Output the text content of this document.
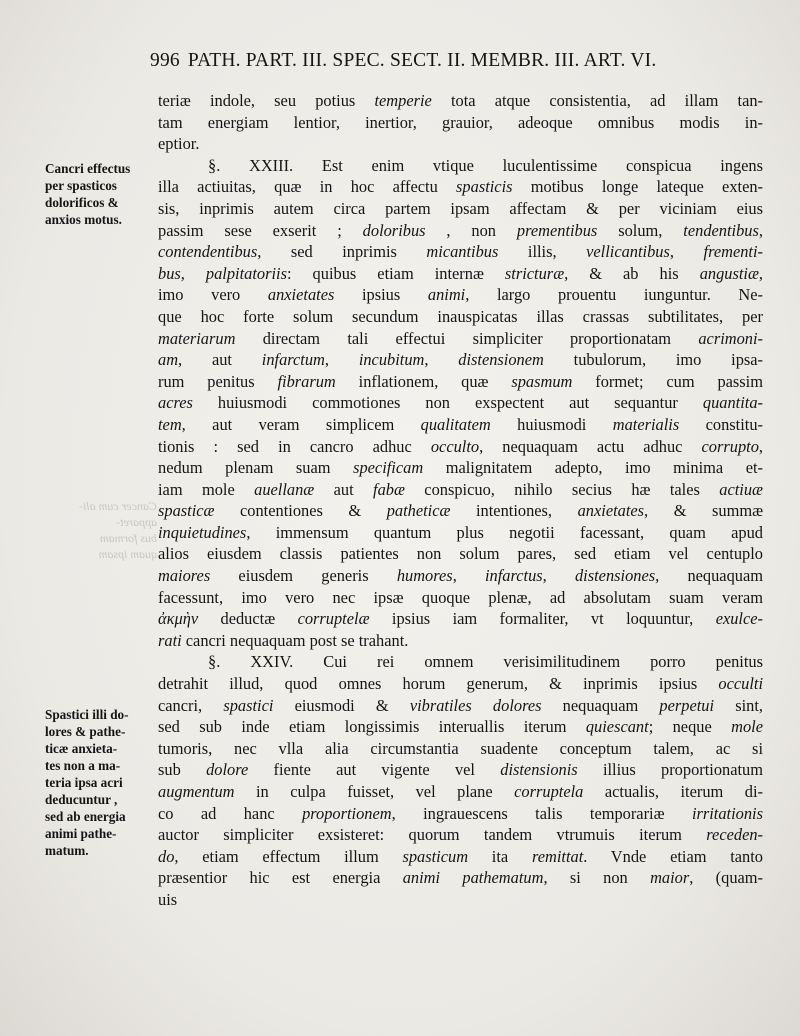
996 PATH. PART. III. SPEC. SECT. II. MEMBR. III. ART. VI.
Cancri effectus
per spasticos
dolorificos &
anxios motus.
Spastici illi do-
lores & pathe-
ticæ anxieta-
tes non a ma-
teria ipsa acri
deducuntur ,
sed ab energia
animi pathe-
matum.
Cancer cum ali-
apparet-
bus formam
quam ipsam
teriæ indole, seu potius temperie tota atque consistentia, ad illam tan-
tam energiam lentior, inertior, grauior, adeoque omnibus modis in-
eptior.
§. XXIII. Est enim vtique luculentissime conspicua ingens
illa actiuitas, quæ in hoc affectu spasticis motibus longe lateque exten-
sis, inprimis autem circa partem ipsam affectam & per viciniam eius
passim sese exserit ; doloribus , non prementibus solum, tendentibus,
contendentibus, sed inprimis micantibus illis, vellicantibus, frementi-
bus, palpitatoriis: quibus etiam internæ stricturæ, & ab his angustiæ,
imo vero anxietates ipsius animi, largo prouentu iunguntur. Ne-
que hoc forte solum secundum inauspicatas illas crassas subtilitates, per
materiarum directam tali effectui simpliciter proportionatam acrimoni-
am, aut infarctum, incubitum, distensionem tubulorum, imo ipsa-
rum penitus fibrarum inflationem, quæ spasmum formet; cum passim
acres huiusmodi commotiones non exspectent aut sequantur quantita-
tem, aut veram simplicem qualitatem huiusmodi materialis constitu-
tionis : sed in cancro adhuc occulto, nequaquam actu adhuc corrupto,
nedum plenam suam specificam malignitatem adepto, imo minima et-
iam mole auellanæ aut fabæ conspicuo, nihilo secius hæ tales actiuæ
spasticæ contentiones & patheticæ intentiones, anxietates, & summæ
inquietudines, immensum quantum plus negotii facessant, quam apud
alios eiusdem classis patientes non solum pares, sed etiam vel centuplo
maiores eiusdem generis humores, infarctus, distensiones, nequaquam
facessunt, imo vero nec ipsæ quoque plenæ, ad absolutam suam veram
ἀκμὴν deductæ corruptelæ ipsius iam formaliter, vt loquuntur, exulce-
rati cancri nequaquam post se trahant.
§. XXIV. Cui rei omnem verisimilitudinem porro penitus
detrahit illud, quod omnes horum generum, & inprimis ipsius occulti
cancri, spastici eiusmodi & vibratiles dolores nequaquam perpetui sint,
sed sub inde etiam longissimis interuallis iterum quiescant; neque mole
tumoris, nec vlla alia circumstantia suadente conceptum talem, ac si
sub dolore fiente aut vigente vel distensionis illius proportionatum
augmentum in culpa fuisset, vel plane corruptela actualis, iterum di-
co ad hanc proportionem, ingrauescens talis temporariæ irritationis
auctor simpliciter exsisteret: quorum tandem vtrumuis iterum receden-
do, etiam effectum illum spasticum ita remittat. Vnde etiam tanto
præsentior hic est energia animi pathematum, si non maior, (quam-
uis
